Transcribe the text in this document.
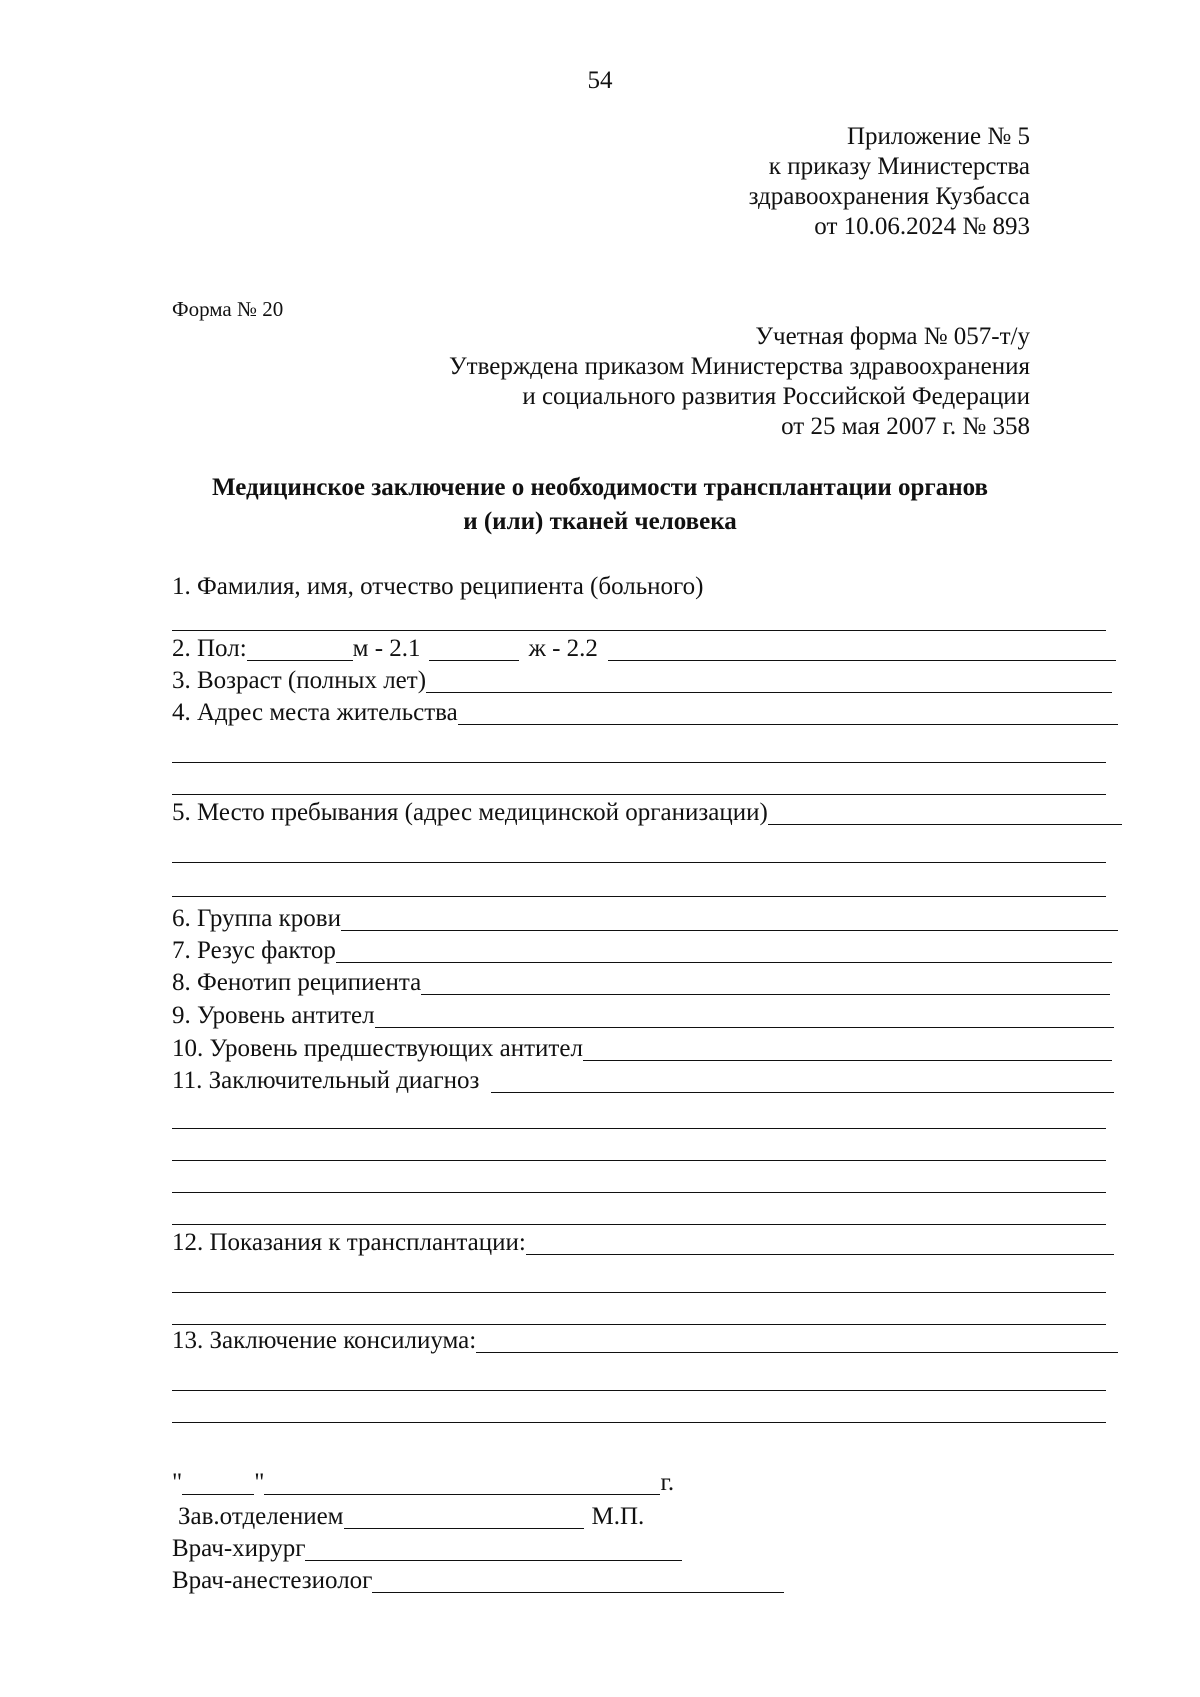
54
Приложение № 5
к приказу Министерства
здравоохранения Кузбасса
от 10.06.2024 № 893
Форма № 20
Учетная форма № 057-т/у
Утверждена приказом Министерства здравоохранения
и социального развития Российской Федерации
от 25 мая 2007 г. № 358
Медицинское заключение о необходимости трансплантации органов
и (или) тканей человека
1. Фамилия, имя, отчество реципиента (больного)
2. Пол:	м - 2.1	ж - 2.2
3. Возраст (полных лет)
4. Адрес места жительства
5. Место пребывания (адрес медицинской организации)
6. Группа крови
7. Резус фактор
8. Фенотип реципиента
9. Уровень антител
10. Уровень предшествующих антител
11. Заключительный диагноз
12. Показания к трансплантации:
13. Заключение консилиума:
"	"	г.
Зав.отделением	М.П.
Врач-хирург
Врач-анестезиолог
